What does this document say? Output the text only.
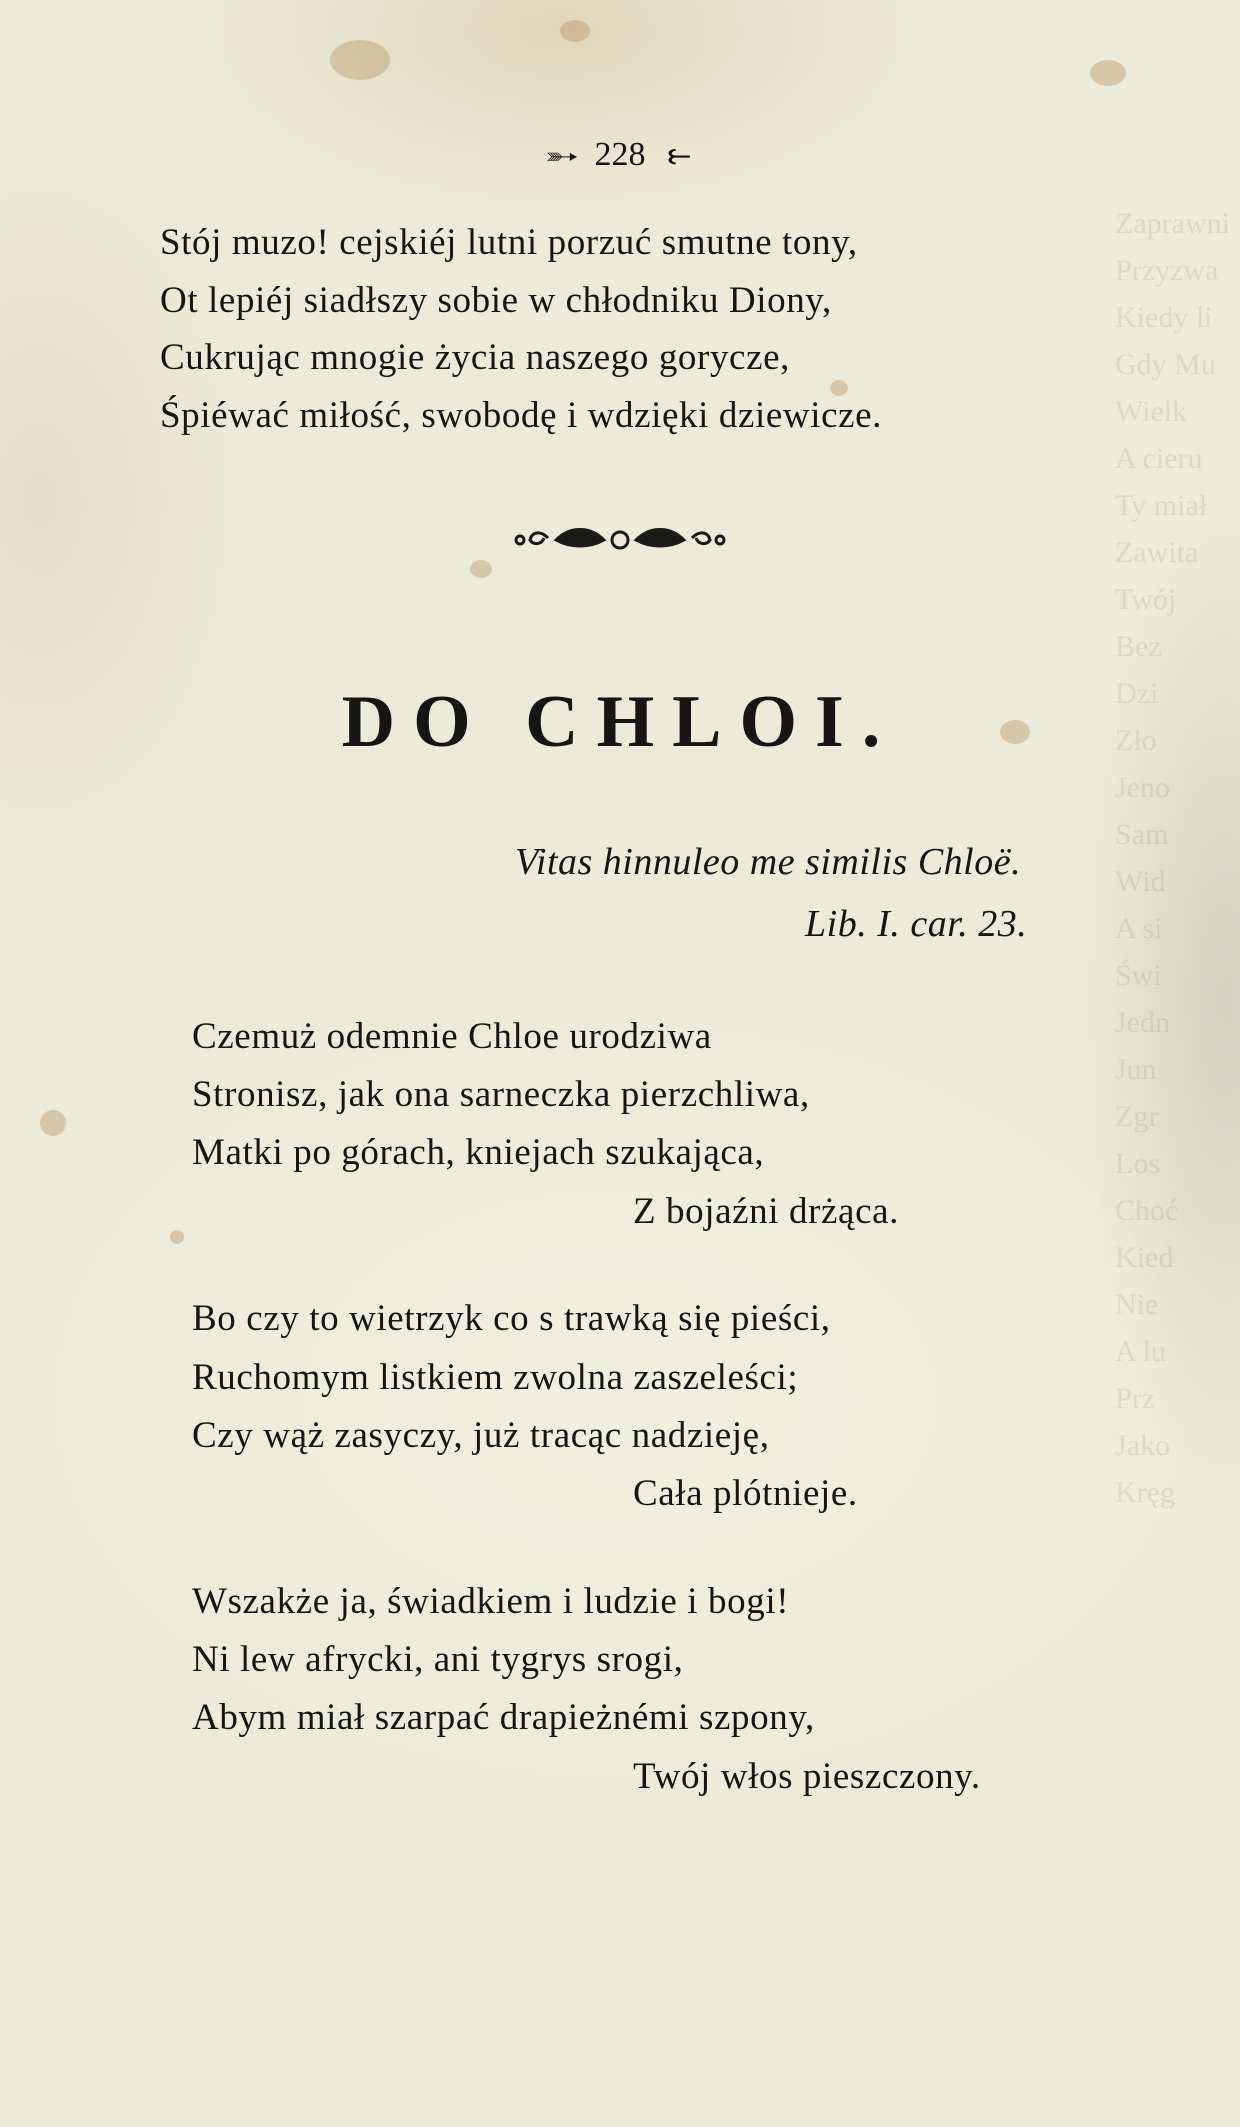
Zaprawni
Przyzwa
Kiedy li
Gdy Mu
Wielk
A cieru
Ty miał
Zawita
Twój
Bez
Dzi
Zło
Jeno
Sam
Wid
A si
Świ
Jedn
Jun
Zgr
Los
Choć
Kied
Nie
A lu
Prz
Jako
Kręg
➳ 228 ⥼
Stój muzo! cejskiéj lutni porzuć smutne tony,
Ot lepiéj siadłszy sobie w chłodniku Diony,
Cukrując mnogie życia naszego gorycze,
Śpiéwać miłość, swobodę i wdzięki dziewicze.
DO CHLOI.
Vitas hinnuleo me similis Chloë.
Lib. I. car. 23.
Czemuż odemnie Chloe urodziwa
Stronisz, jak ona sarneczka pierzchliwa,
Matki po górach, kniejach szukająca,
Z bojaźni drżąca.
Bo czy to wietrzyk co s trawką się pieści,
Ruchomym listkiem zwolna zaszeleści;
Czy wąż zasyczy, już tracąc nadzieję,
Cała plótnieje.
Wszakże ja, świadkiem i ludzie i bogi!
Ni lew afrycki, ani tygrys srogi,
Abym miał szarpać drapieżnémi szpony,
Twój włos pieszczony.
